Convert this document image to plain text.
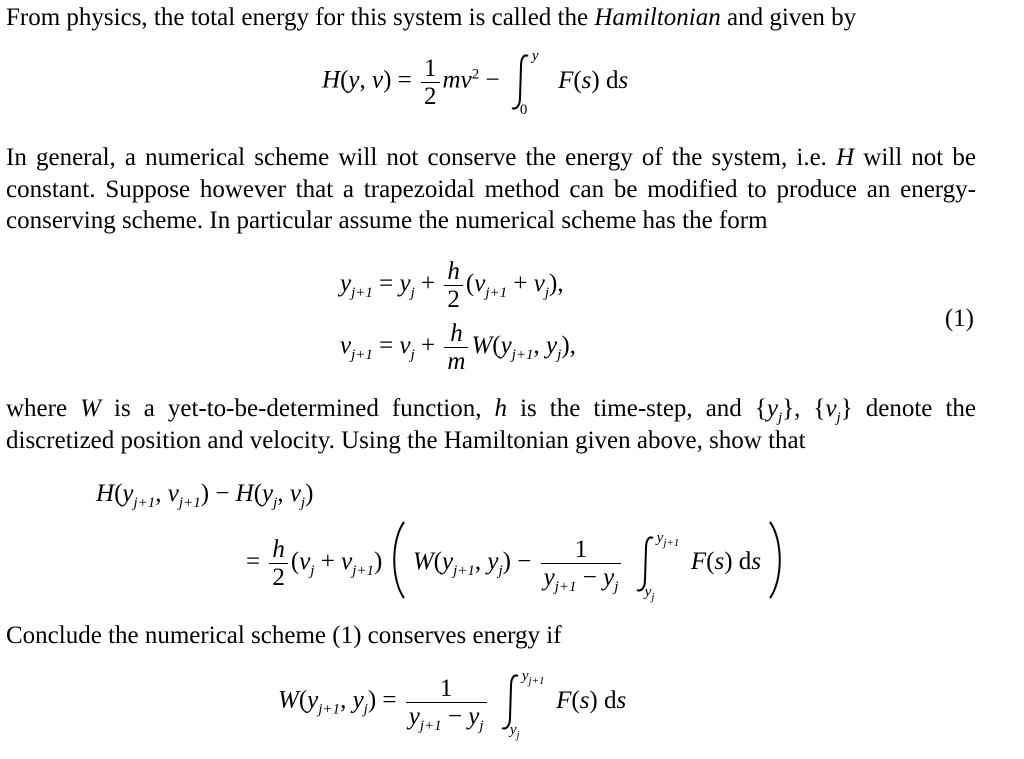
From physics, the total energy for this system is called the Hamiltonian and given by
H(y, $v) = \frac{1}{2} mv^2$ −
y
0
F(s) ds
In general, a numerical scheme will not conserve the energy of the system, i.e. H will not be constant. Suppose however that a trapezoidal method can be modified to produce an energy-conserving scheme. In particular assume the numerical scheme has the form
$y_{j+1} = y_j + \frac{h}{2} (v_{j+1} + v_j)$,
$v_{j+1} = v_j + \frac{h}{m} W(y_{j+1}$, $y_j$),
(1)
where W is a yet-to-be-determined function, h is the time-step, and $\{y_j\}$, $\{v_j\}$ denote the discretized position and velocity. Using the Hamiltonian given above, show that
$H(y_{j+1}$, $v_{j+1}) - H(y_j$, $v_j$)
= $\frac{h}{2} (v_j + v_{j+1})$  $W(y_{j+1}$, $y_j) - \frac{1}{y_{j+1} - y_j}$
$y_{j+1}$
$y_j$
F(s) ds
Conclude the numerical scheme (1) conserves energy if
$W(y_{j+1}$, $y_j) = \frac{1}{y_{j+1} - y_j}$
$y_{j+1}$
$y_j$
F(s) ds
